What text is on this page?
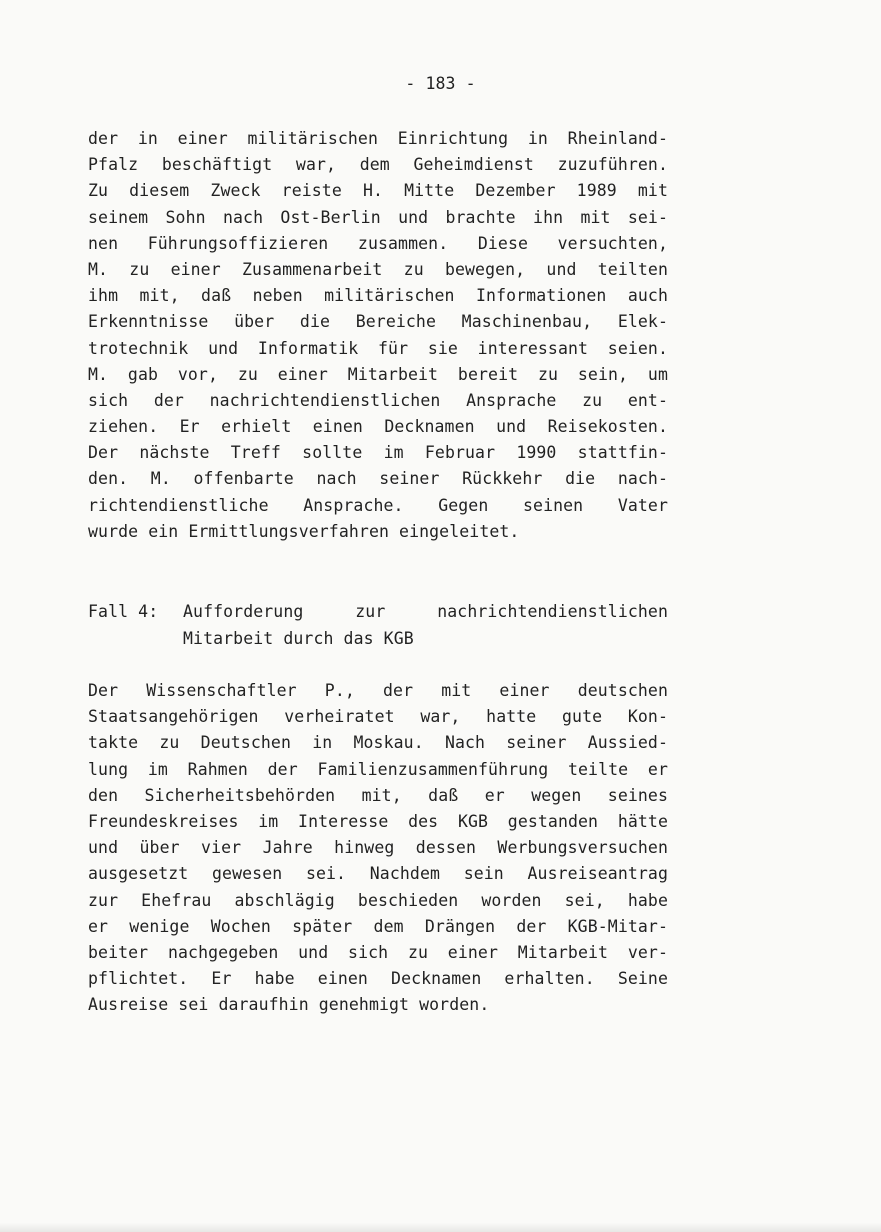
- 183 -
der in einer militärischen Einrichtung in Rheinland-
Pfalz beschäftigt war, dem Geheimdienst zuzuführen.
Zu diesem Zweck reiste H. Mitte Dezember 1989 mit
seinem Sohn nach Ost-Berlin und brachte ihn mit sei-
nen Führungsoffizieren zusammen. Diese versuchten,
M. zu einer Zusammenarbeit zu bewegen, und teilten
ihm mit, daß neben militärischen Informationen auch
Erkenntnisse über die Bereiche Maschinenbau, Elek-
trotechnik und Informatik für sie interessant seien.
M. gab vor, zu einer Mitarbeit bereit zu sein, um
sich der nachrichtendienstlichen Ansprache zu ent-
ziehen. Er erhielt einen Decknamen und Reisekosten.
Der nächste Treff sollte im Februar 1990 stattfin-
den. M. offenbarte nach seiner Rückkehr die nach-
richtendienstliche Ansprache. Gegen seinen Vater
wurde ein Ermittlungsverfahren eingeleitet.
Fall 4:	Aufforderung zur nachrichtendienstlichen
Mitarbeit durch das KGB
Der Wissenschaftler P., der mit einer deutschen
Staatsangehörigen verheiratet war, hatte gute Kon-
takte zu Deutschen in Moskau. Nach seiner Aussied-
lung im Rahmen der Familienzusammenführung teilte er
den Sicherheitsbehörden mit, daß er wegen seines
Freundeskreises im Interesse des KGB gestanden hätte
und über vier Jahre hinweg dessen Werbungsversuchen
ausgesetzt gewesen sei. Nachdem sein Ausreiseantrag
zur Ehefrau abschlägig beschieden worden sei, habe
er wenige Wochen später dem Drängen der KGB-Mitar-
beiter nachgegeben und sich zu einer Mitarbeit ver-
pflichtet. Er habe einen Decknamen erhalten. Seine
Ausreise sei daraufhin genehmigt worden.
